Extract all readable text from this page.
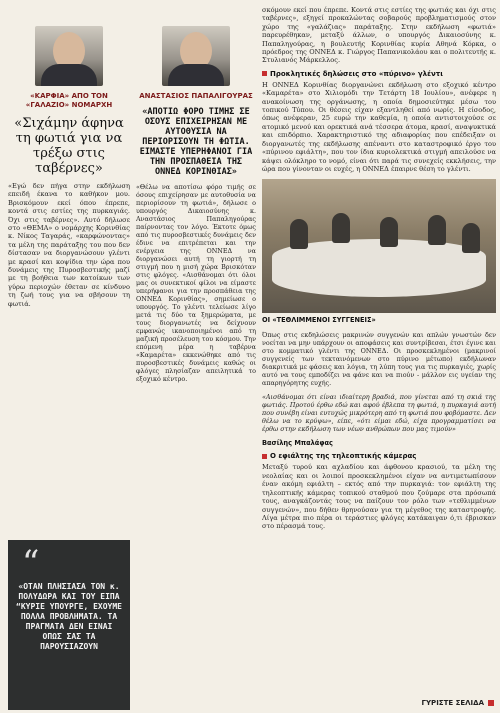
«ΚΑΡΦΙΑ» ΑΠΟ ΤΟΝ «ΓΑΛΑΖΙΟ» ΝΟΜΑΡΧΗ
«Σιχάμην άφηνα τη φωτιά για να τρέξω στις ταβέρνες»

«Εγώ δεν πήγα στην εκδήλωση επειδή έκανα το καθήκον μου. Βρισκόμουν εκεί όπου έπρεπε, κοντά στις εστίες της πυρκαγιάς. Όχι στις ταβέρνες». Αυτό δήλωσε στο «ΘΕΜΑ» ο νομάρχης Κορινθίας κ. Νίκος Ταγαράς, «καρφώνοντας» τα μέλη της παράταξης του που δεν δίστασαν να διοργανώσουν γλέντι με κρασί και κοψίδια την ώρα που δυνάμεις της Πυροσβεστικής μαζί με τη βοήθεια των κατοίκων των γύρω περιοχών έθεταν σε κίνδυνο τη ζωή τους για να σβήσουν τη φωτιά.

ΑΝΑΣΤΑΣΙΟΣ ΠΑΠΑΛΙΓΟΥΡΑΣ
«ΑΠΟΤΙΩ ΦΟΡΟ ΤΙΜΗΣ ΣΕ ΟΣΟΥΣ ΕΠΙΧΕΙΡΗΣΑΝ ΜΕ ΑΥΤΟΘΥΣΙΑ ΝΑ ΠΕΡΙΟΡΙΣΟΥΝ ΤΗ ΦΩΤΙΑ. ΕΙΜΑΣΤΕ ΥΠΕΡΗΦΑΝΟΙ ΓΙΑ ΤΗΝ ΠΡΟΣΠΑΘΕΙΑ ΤΗΣ ΟΝΝΕΔ ΚΟΡΙΝΘΙΑΣ»

«Θέλω να αποτίσω φόρο τιμής σε όσους επιχείρησαν με αυτοθυσία να περιορίσουν τη φωτιά», δήλωσε ο υπουργός Δικαιοσύνης κ. Αναστάσιος Παπαληγούρας παίρνοντας τον λόγο. Έκτοτε όμως από τις πυροσβεστικές δυνάμεις δεν έδινε να επιτρέπεται και την ενέργεια της ΟΝΝΕΔ να διοργανώσει αυτή τη γιορτή τη στιγμή που η μισή χώρα Βρισκόταν στις φλόγες. «Αισθάνομαι ότι όλοι μας οι συνεκτικοί φίλοι να είμαστε υπερήφανοι για την προσπάθεια της ΟΝΝΕΔ Κορινθίας», σημείωσε ο υπουργός. Το γλέντι τελείωσε λίγο μετά τις δύο τα ξημερώματα, με τους διοργανωτές να δείχνουν εμφανώς ικανοποιημένοι από τη μαζική προσέλευση του κόσμου. Την επόμενη μέρα η ταβέρνα «Καμαρέτα» εκκενώθηκε από τις πυροσβεστικές δυνάμεις καθώς οι φλόγες πλησίαζαν απειλητικά το εξοχικό κέντρο.

σκόμουν εκεί που έπρεπε. Κοντά στις εστίες της φωτιάς και όχι στις ταβέρνες», εξηγεί προκαλώντας σοβαρούς προβληματισμούς στον χώρο της «γαλάζιας» παράταξης. Στην εκδήλωση «φωτιά» παρευρέθηκαν, μεταξύ άλλων, ο υπουργός Δικαιοσύνης κ. Παπαληγούρας, η βουλευτής Κορινθίας κυρία Αθηνά Κόρκα, ο πρόεδρος της ΟΝΝΕΔ κ. Γιώργος Παπανικολάου και ο πολιτευτής κ. Στυλιανός Μάρκελλος.

Προκλητικές δηλώσεις στο «πύρινο» γλέντι

Η ΟΝΝΕΔ Κορινθίας διοργανώνει εκδήλωση στο εξοχικό κέντρο «Καμαρέτα» στο Χιλιομόδι την Τετάρτη 18 Ιουλίου», ανέφερε η ανακοίνωση της οργάνωσης, η οποία δημοσιεύτηκε μέσω του τοπικού Τύπου. Οι θέσεις είχαν εξαντληθεί από νωρίς. Η είσοδος, όπως ανέφεραν, 25 ευρώ την καθεμία, η οποία αντιστοιχούσε σε ατομικό μενού και ορεκτικά ανά τέσσερα άτομα, κρασί, αναψυκτικά και επιδόρπιο. Χαρακτηριστικό της αδιαφορίας που επέδειξαν οι διοργανωτές της εκδήλωσης απέναντι στο καταστροφικό έργο του «πύρινου εφιάλτη», που τον ίδια κυριολεκτικά στιγμή απειλούσε να κάψει ολόκληρο το νομό, είναι ότι παρά τις συνεχείς εκκλήσεις, την ώρα που γίνονταν οι ευχές, η ΟΝΝΕΔ έπαιρνε θέση το γλέντι.

ΟΙ «ΤΕΘΛΙΜΜΕΝΟΙ ΣΥΓΓΕΝΕΙΣ»

Όπως στις εκδηλώσεις μακρινών συγγενών και απλών γνωστών δεν νοείται να μην υπάρχουν οι αποφάσεις και συντρίβεσαι, έτσι έγινε και στο κομματικό γλέντι της ΟΝΝΕΔ. Οι προσκεκλημένοι (μακρινοί συγγενείς των τεκταινόμενων στο πύρινο μέτωπο) εκδήλωναν διακριτικά με φάσεις και λόγια, τη λύπη τους για τις πυρκαγιές, χωρίς αυτό να τους εμποδίζει να φάνε και να πιούν - μάλλον εις υγείαν της απαρηγόρητης ευχής.

«Αισθάνομαι ότι είναι ιδιαίτερη βραδιά, που γίνεται από τη σκιά της φωτιάς. Προτού έρθω εδώ και αφού έβλεπα τη φωτιά, η πυρκαγιά αυτή που συνέβη είναι ευτυχώς μικρότερη από τη φωτιά που φοβόμαστε. Δεν θέλω να το κρύψω», είπε, «ότι είμαι εδώ, είχα προγραμματίσει να έρθω στην εκδήλωση των νέων ανθρώπων που μας τιμούν»

Βασίλης Μπαλάφας
Ο εφιάλτης της τηλεοπτικής κάμερας

Μεταξύ τυρού και αχλαδίου και άφθονου κρασιού, τα μέλη της νεολαίας και οι λοιποί προσκεκλημένοι είχαν να αντιμετωπίσουν έναν ακόμη εφιάλτη – εκτός από την πυρκαγιά: τον εφιάλτη της τηλεοπτικής κάμερας τοπικού σταθμού που ζούμαρε στα πρόσωπά τους, αναγκάζοντάς τους να παίζουν τον ρόλο των «τεθλιμμένων συγγενών», που δήθεν θρηνούσαν για τη μέγεθος της καταστροφής. Λίγα μέτρα πιο πέρα οι τεράστιες φλόγες κατάκαιγαν ό,τι έβρισκαν στο πέρασμά τους.

“
«ΟΤΑΝ ΠΛΗΣΙΑΣΑ ΤΟΝ κ. ΠΟΛΥΔΩΡΑ ΚΑΙ ΤΟΥ ΕΙΠΑ “ΚΥΡΙΕ ΥΠΟΥΡΓΕ, ΕΧΟΥΜΕ ΠΟΛΛΑ ΠΡΟΒΛΗΜΑΤΑ. ΤΑ ΠΡΑΓΜΑΤΑ ΔΕΝ ΕΙΝΑΙ ΟΠΩΣ ΣΑΣ ΤΑ ΠΑΡΟΥΣΙΑΖΟΥΝ
ΓΥΡΙΣΤΕ ΣΕΛΙΔΑ
